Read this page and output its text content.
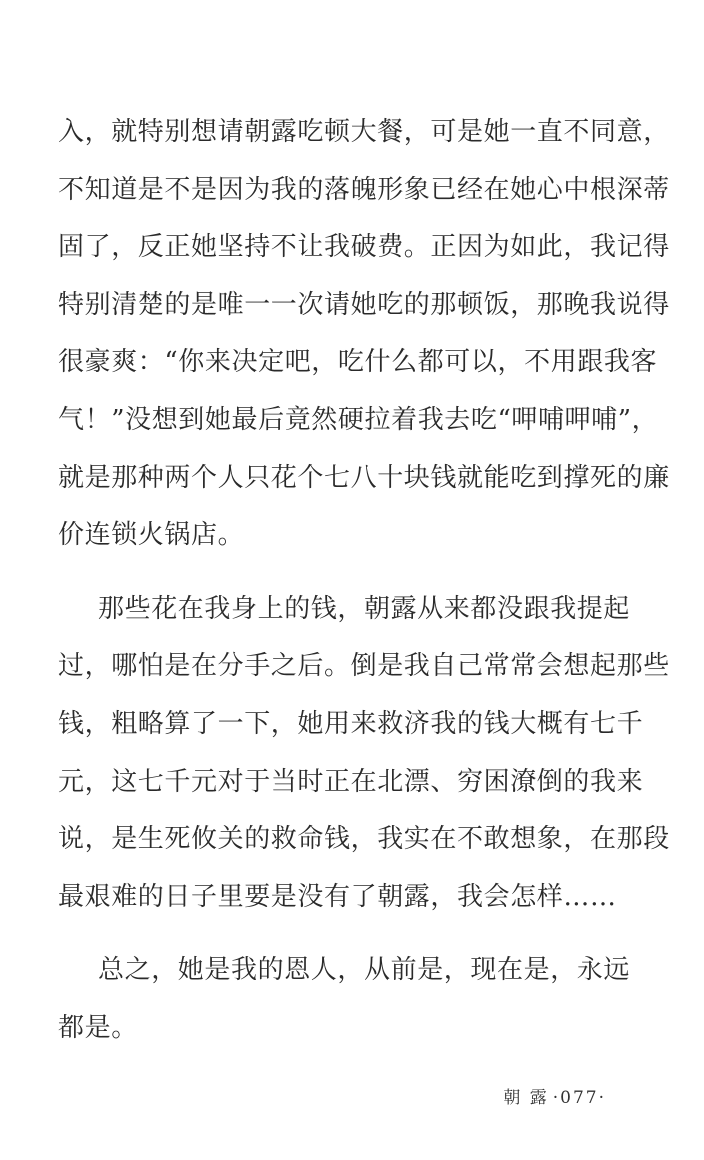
入，就特别想请朝露吃顿大餐，可是她一直不同意，
不知道是不是因为我的落魄形象已经在她心中根深蒂
固了，反正她坚持不让我破费。正因为如此，我记得
特别清楚的是唯一一次请她吃的那顿饭，那晚我说得
很豪爽：“你来决定吧，吃什么都可以，不用跟我客
气！”没想到她最后竟然硬拉着我去吃“呷哺呷哺”，
就是那种两个人只花个七八十块钱就能吃到撑死的廉
价连锁火锅店。
那些花在我身上的钱，朝露从来都没跟我提起
过，哪怕是在分手之后。倒是我自己常常会想起那些
钱，粗略算了一下，她用来救济我的钱大概有七千
元，这七千元对于当时正在北漂、穷困潦倒的我来
说，是生死攸关的救命钱，我实在不敢想象，在那段
最艰难的日子里要是没有了朝露，我会怎样……
总之，她是我的恩人，从前是，现在是，永远
都是。
朝 露 ·077·
